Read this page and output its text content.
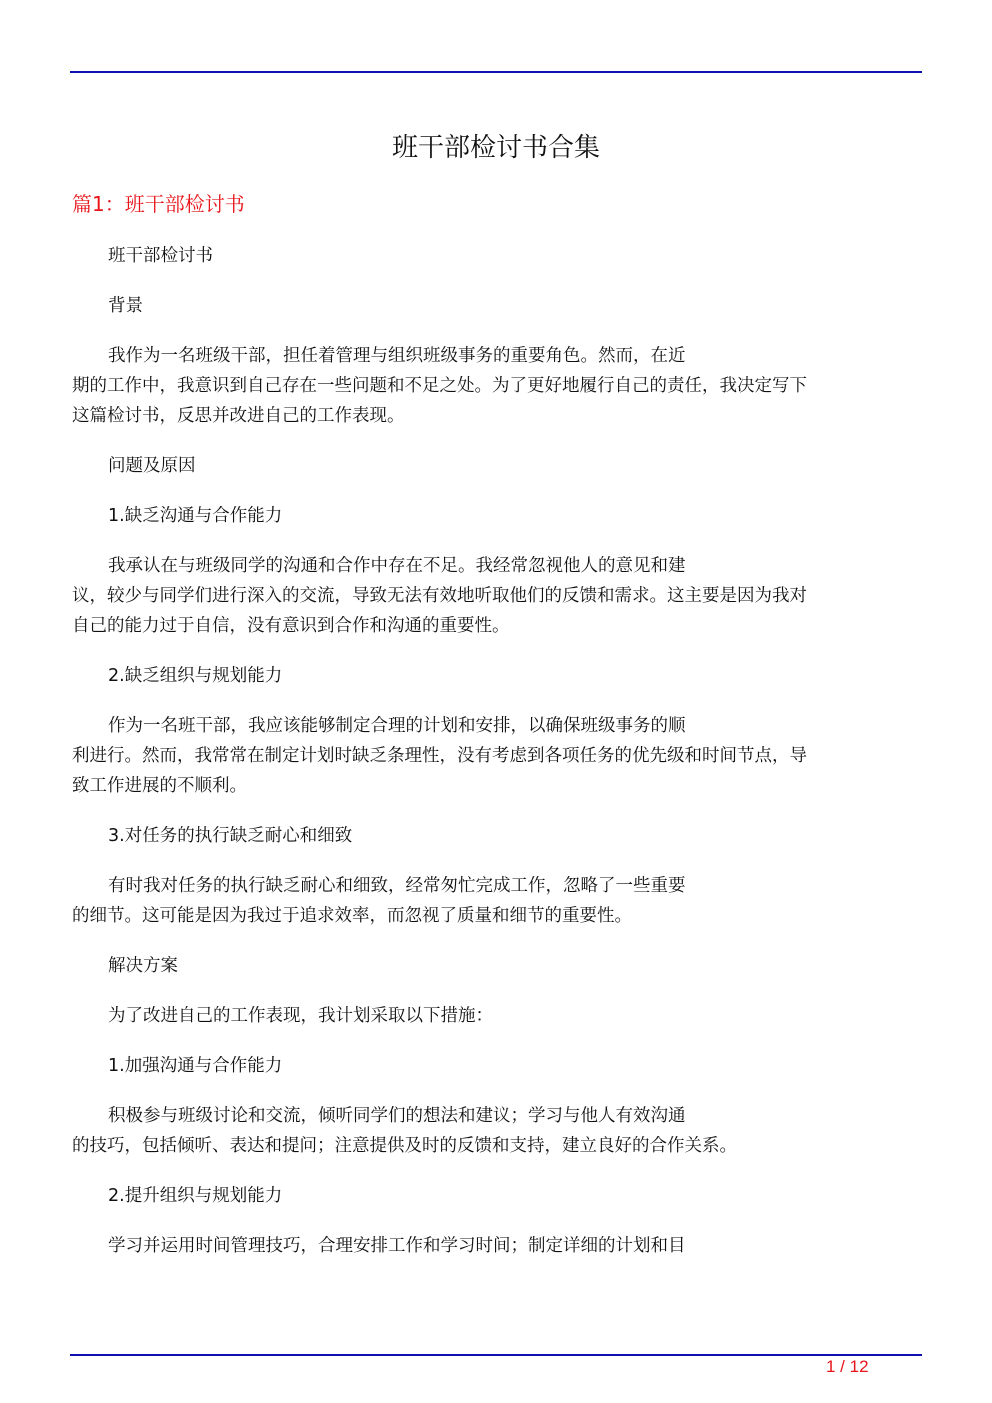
班干部检讨书合集
篇1：班干部检讨书
班干部检讨书
背景
我作为一名班级干部，担任着管理与组织班级事务的重要角色。然而，在近
期的工作中，我意识到自己存在一些问题和不足之处。为了更好地履行自己的责任，我决定写下
这篇检讨书，反思并改进自己的工作表现。
问题及原因
1.缺乏沟通与合作能力
我承认在与班级同学的沟通和合作中存在不足。我经常忽视他人的意见和建
议，较少与同学们进行深入的交流，导致无法有效地听取他们的反馈和需求。这主要是因为我对
自己的能力过于自信，没有意识到合作和沟通的重要性。
2.缺乏组织与规划能力
作为一名班干部，我应该能够制定合理的计划和安排，以确保班级事务的顺
利进行。然而，我常常在制定计划时缺乏条理性，没有考虑到各项任务的优先级和时间节点，导
致工作进展的不顺利。
3.对任务的执行缺乏耐心和细致
有时我对任务的执行缺乏耐心和细致，经常匆忙完成工作，忽略了一些重要
的细节。这可能是因为我过于追求效率，而忽视了质量和细节的重要性。
解决方案
为了改进自己的工作表现，我计划采取以下措施：
1.加强沟通与合作能力
积极参与班级讨论和交流，倾听同学们的想法和建议；学习与他人有效沟通
的技巧，包括倾听、表达和提问；注意提供及时的反馈和支持，建立良好的合作关系。
2.提升组织与规划能力
学习并运用时间管理技巧，合理安排工作和学习时间；制定详细的计划和目
1 / 12
